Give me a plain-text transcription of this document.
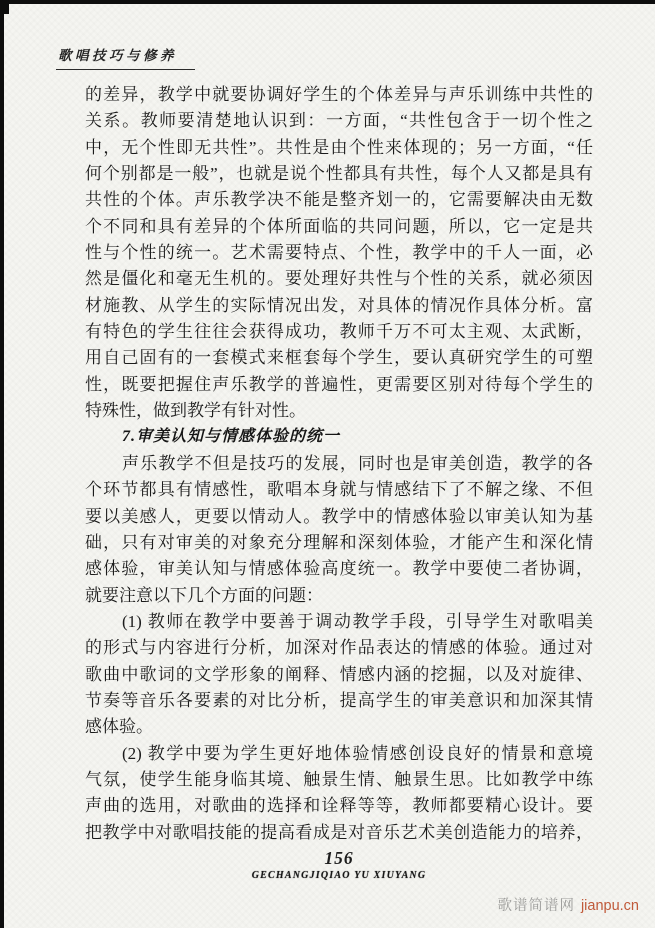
歌唱技巧与修养
的差异，教学中就要协调好学生的个体差异与声乐训练中共性的
关系。教师要清楚地认识到：一方面，“共性包含于一切个性之
中，无个性即无共性”。共性是由个性来体现的；另一方面，“任
何个别都是一般”，也就是说个性都具有共性，每个人又都是具有
共性的个体。声乐教学决不能是整齐划一的，它需要解决由无数
个不同和具有差异的个体所面临的共同问题，所以，它一定是共
性与个性的统一。艺术需要特点、个性，教学中的千人一面，必
然是僵化和毫无生机的。要处理好共性与个性的关系，就必须因
材施教、从学生的实际情况出发，对具体的情况作具体分析。富
有特色的学生往往会获得成功，教师千万不可太主观、太武断，
用自己固有的一套模式来框套每个学生，要认真研究学生的可塑
性，既要把握住声乐教学的普遍性，更需要区别对待每个学生的
特殊性，做到教学有针对性。
7.审美认知与情感体验的统一
声乐教学不但是技巧的发展，同时也是审美创造，教学的各
个环节都具有情感性，歌唱本身就与情感结下了不解之缘、不但
要以美感人，更要以情动人。教学中的情感体验以审美认知为基
础，只有对审美的对象充分理解和深刻体验，才能产生和深化情
感体验，审美认知与情感体验高度统一。教学中要使二者协调，
就要注意以下几个方面的问题：
(1) 教师在教学中要善于调动教学手段，引导学生对歌唱美
的形式与内容进行分析，加深对作品表达的情感的体验。通过对
歌曲中歌词的文学形象的阐释、情感内涵的挖掘，以及对旋律、
节奏等音乐各要素的对比分析，提高学生的审美意识和加深其情
感体验。
(2) 教学中要为学生更好地体验情感创设良好的情景和意境
气氛，使学生能身临其境、触景生情、触景生思。比如教学中练
声曲的选用，对歌曲的选择和诠释等等，教师都要精心设计。要
把教学中对歌唱技能的提高看成是对音乐艺术美创造能力的培养，
156
GECHANGJIQIAO YU XIUYANG
歌谱简谱网 jianpu.cn
